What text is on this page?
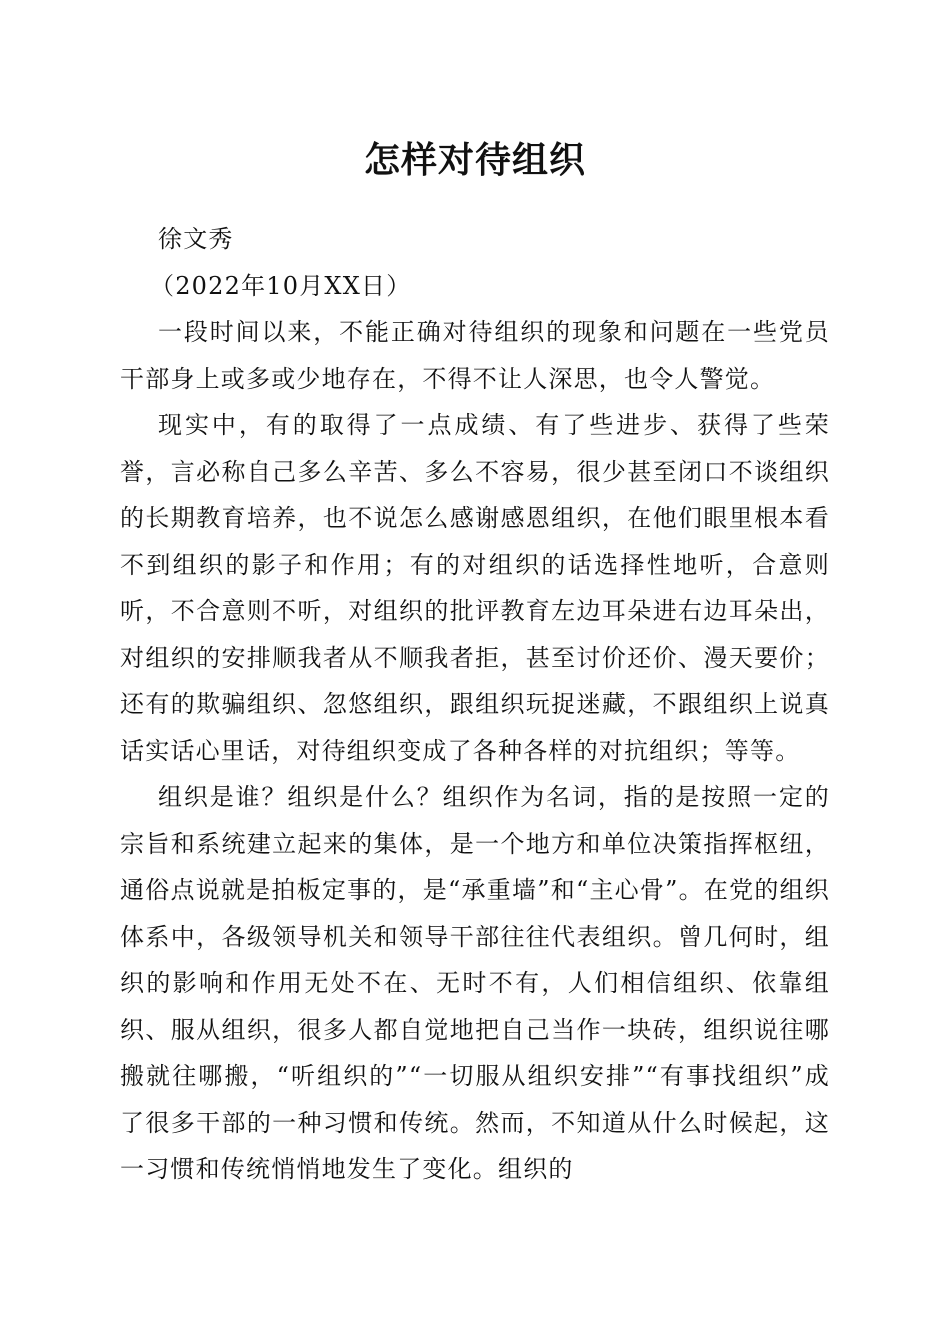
怎样对待组织

徐文秀

（2022年10月XX日）

一段时间以来，不能正确对待组织的现象和问题在一些党员干部身上或多或少地存在，不得不让人深思，也令人警觉。

现实中，有的取得了一点成绩、有了些进步、获得了些荣誉，言必称自己多么辛苦、多么不容易，很少甚至闭口不谈组织的长期教育培养，也不说怎么感谢感恩组织，在他们眼里根本看不到组织的影子和作用；有的对组织的话选择性地听，合意则听，不合意则不听，对组织的批评教育左边耳朵进右边耳朵出，对组织的安排顺我者从不顺我者拒，甚至讨价还价、漫天要价；还有的欺骗组织、忽悠组织，跟组织玩捉迷藏，不跟组织上说真话实话心里话，对待组织变成了各种各样的对抗组织；等等。

组织是谁？组织是什么？组织作为名词，指的是按照一定的宗旨和系统建立起来的集体，是一个地方和单位决策指挥枢纽，通俗点说就是拍板定事的，是“承重墙”和“主心骨”。在党的组织体系中，各级领导机关和领导干部往往代表组织。曾几何时，组织的影响和作用无处不在、无时不有，人们相信组织、依靠组织、服从组织，很多人都自觉地把自己当作一块砖，组织说往哪搬就往哪搬，“听组织的”“一切服从组织安排”“有事找组织”成了很多干部的一种习惯和传统。然而，不知道从什么时候起，这一习惯和传统悄悄地发生了变化。组织的
